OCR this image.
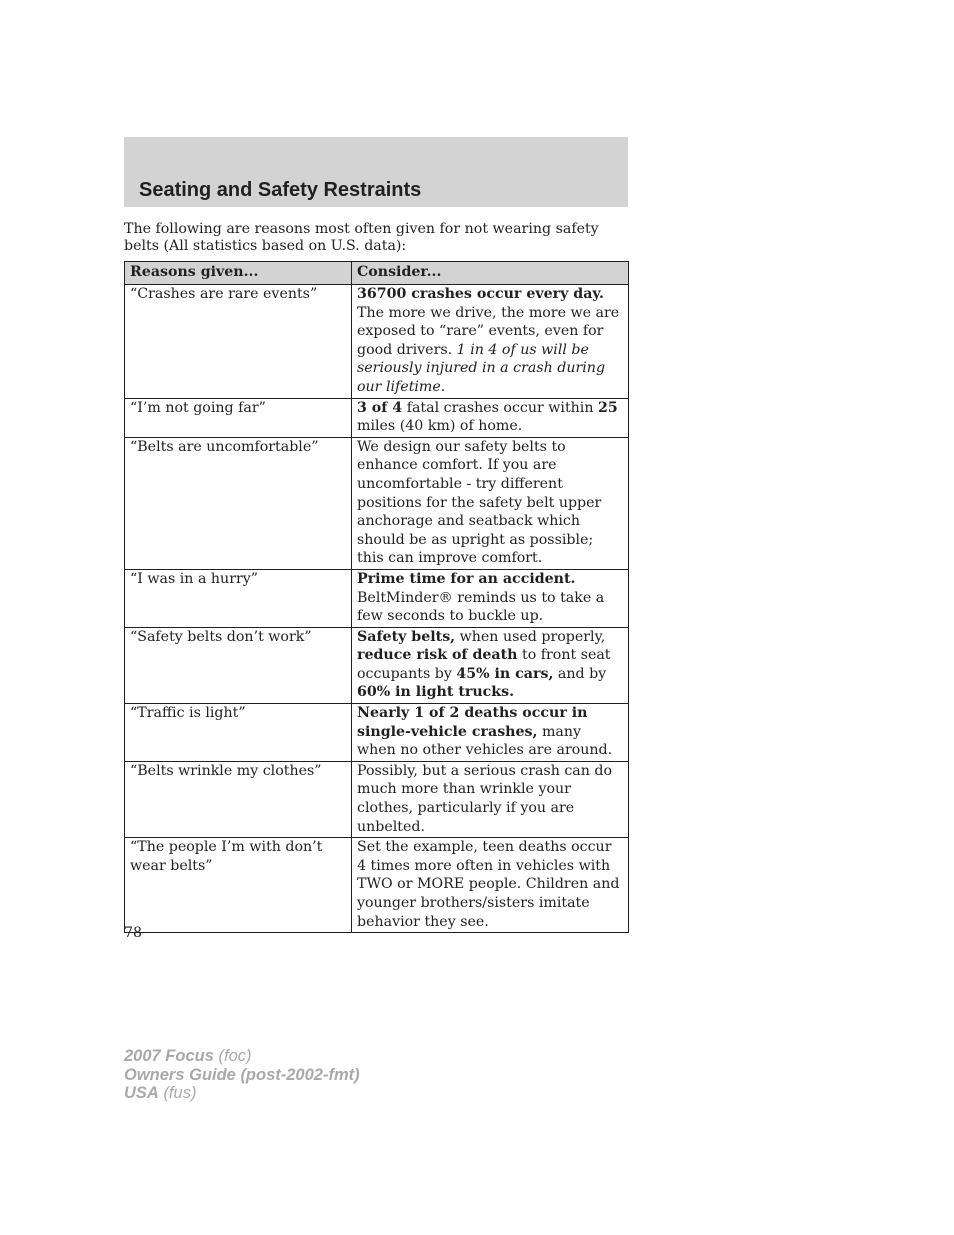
Seating and Safety Restraints

The following are reasons most often given for not wearing safety belts (All statistics based on U.S. data):

Reasons given...	Consider...
“Crashes are rare events”	36700 crashes occur every day. The more we drive, the more we are exposed to “rare” events, even for good drivers. 1 in 4 of us will be seriously injured in a crash during our lifetime.
“I’m not going far”	3 of 4 fatal crashes occur within 25 miles (40 km) of home.
“Belts are uncomfortable”	We design our safety belts to enhance comfort. If you are uncomfortable - try different positions for the safety belt upper anchorage and seatback which should be as upright as possible; this can improve comfort.
“I was in a hurry”	Prime time for an accident. BeltMinder® reminds us to take a few seconds to buckle up.
“Safety belts don’t work”	Safety belts, when used properly, reduce risk of death to front seat occupants by 45% in cars, and by 60% in light trucks.
“Traffic is light”	Nearly 1 of 2 deaths occur in single-vehicle crashes, many when no other vehicles are around.
“Belts wrinkle my clothes”	Possibly, but a serious crash can do much more than wrinkle your clothes, particularly if you are unbelted.
“The people I’m with don’t wear belts”	Set the example, teen deaths occur 4 times more often in vehicles with TWO or MORE people. Children and younger brothers/sisters imitate behavior they see.

78

2007 Focus (foc)
Owners Guide (post-2002-fmt)
USA (fus)
